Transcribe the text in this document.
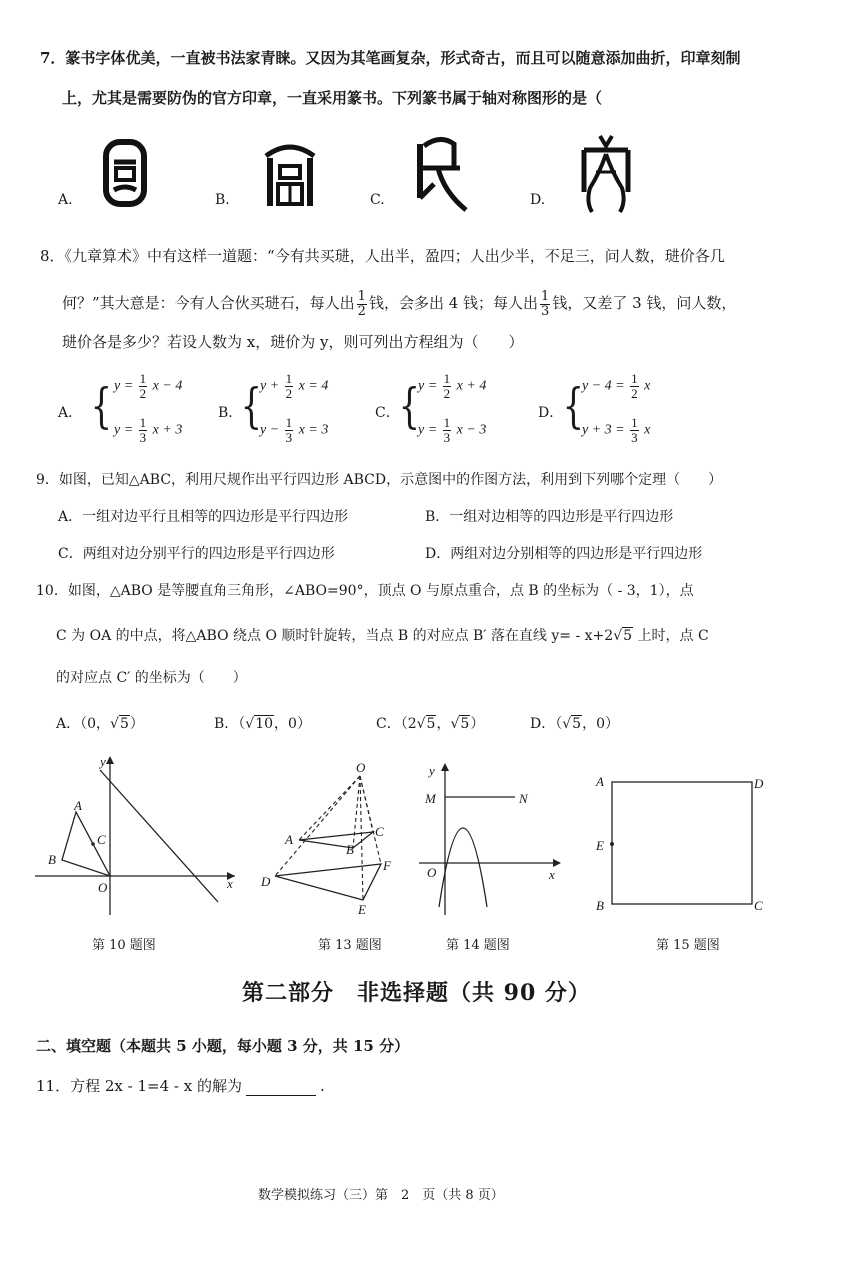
7．篆书字体优美，一直被书法家青睐。又因为其笔画复杂，形式奇古，而且可以随意添加曲折，印章刻制
上，尤其是需要防伪的官方印章，一直采用篆书。下列篆书属于轴对称图形的是（
A.	B.	C.	D.
8．《九章算术》中有这样一道题：“今有共买琎，人出半，盈四；人出少半，不足三，问人数，琎价各几
何？”其大意是：今有人合伙买琎石，每人出 $\frac{1}{2}$ 钱，会多出 4 钱；每人出 $\frac{1}{3}$ 钱，又差了 3 钱，问人数，
琎价各是多少？若设人数为 x，琎价为 y，则可列出方程组为（　　）
A． { $y = \frac{1}{2}$ x − 4
$y = \frac{1}{3}$ x + 3
B．
{
$y + \frac{1}{2}$ x = 4
$y - \frac{1}{3}$ x = 3
C．
{
$y = \frac{1}{2}$ x + 4
$y = \frac{1}{3}$ x − 3
D． {
$y - 4 = \frac{1}{2}$ x
$y + 3 = \frac{1}{3}$ x
9．如图，已知△ABC，利用尺规作出平行四边形 ABCD，示意图中的作图方法，利用到下列哪个定理（　　）
A．一组对边平行且相等的四边形是平行四边形	B．一组对边相等的四边形是平行四边形
C．两组对边分别平行的四边形是平行四边形	D．两组对边分别相等的四边形是平行四边形
10．如图，△ABO 是等腰直角三角形，∠ABO=90°，顶点 O 与原点重合，点 B 的坐标为（ - 3，1），点
C 为 OA 的中点，将△ABO 绕点 O 顺时针旋转，当点 B 的对应点 B′ 落在直线 y= - x+2√5 上时，点 C
的对应点 C′ 的坐标为（　　）
A．（0，√5）	B．（√10，0）	C．（2√5，√5）	D．（√5，0）
y
x
A
B
C
O
第 10 题图
O
A
B
C
D
E
F
第 13 题图
y
x
M	N
O
第 14 题图
A	D
E
B	C
第 15 题图
第二部分　非选择题（共 90 分）
二、填空题（本题共 5 小题，每小题 3 分，共 15 分）
11．方程 2x - 1=4 - x 的解为	.
数学模拟练习（三）第　2　页（共 8 页）
